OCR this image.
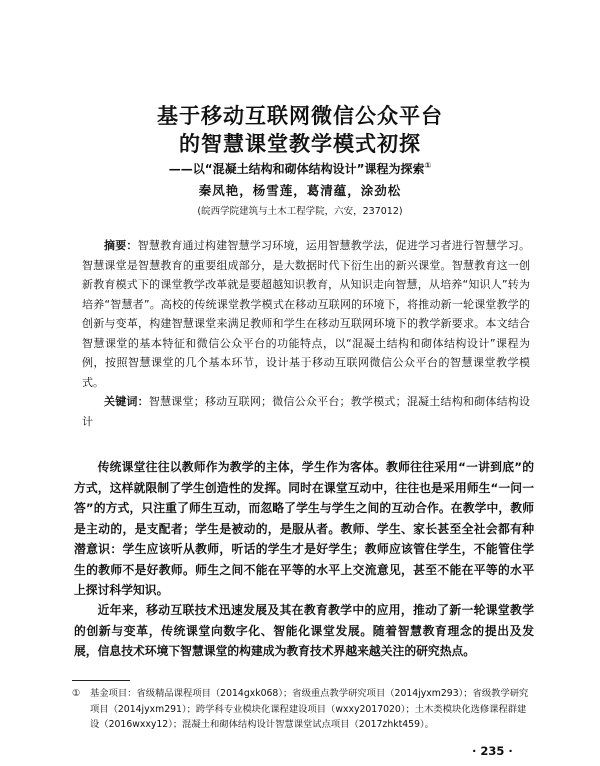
基于移动互联网微信公众平台
的智慧课堂教学模式初探
——以“混凝土结构和砌体结构设计”课程为探索①
秦凤艳，杨雪莲，葛清蕴，涂劲松
(皖西学院建筑与土木工程学院，六安，237012)

摘要：智慧教育通过构建智慧学习环境，运用智慧教学法，促进学习者进行智慧学习。智慧课堂是智慧教育的重要组成部分，是大数据时代下衍生出的新兴课堂。智慧教育这一创新教育模式下的课堂教学改革就是要超越知识教育，从知识走向智慧，从培养“知识人”转为培养“智慧者”。高校的传统课堂教学模式在移动互联网的环境下，将推动新一轮课堂教学的创新与变革，构建智慧课堂来满足教师和学生在移动互联网环境下的教学新要求。本文结合智慧课堂的基本特征和微信公众平台的功能特点，以“混凝土结构和砌体结构设计”课程为例，按照智慧课堂的几个基本环节，设计基于移动互联网微信公众平台的智慧课堂教学模式。

关键词：智慧课堂；移动互联网；微信公众平台；教学模式；混凝土结构和砌体结构设计

传统课堂往往以教师作为教学的主体，学生作为客体。教师往往采用“一讲到底”的方式，这样就限制了学生创造性的发挥。同时在课堂互动中，往往也是采用师生“一问一答”的方式，只注重了师生互动，而忽略了学生与学生之间的互动合作。在教学中，教师是主动的，是支配者；学生是被动的，是服从者。教师、学生、家长甚至全社会都有种潜意识：学生应该听从教师，听话的学生才是好学生；教师应该管住学生，不能管住学生的教师不是好教师。师生之间不能在平等的水平上交流意见，甚至不能在平等的水平上探讨科学知识。

近年来，移动互联技术迅速发展及其在教育教学中的应用，推动了新一轮课堂教学的创新与变革，传统课堂向数字化、智能化课堂发展。随着智慧教育理念的提出及发展，信息技术环境下智慧课堂的构建成为教育技术界越来越关注的研究热点。

① 基金项目：省级精品课程项目（2014gxk068）；省级重点教学研究项目（2014jyxm293）；省级教学研究项目（2014jyxm291）；跨学科专业模块化课程建设项目（wxxy2017020）；土木类模块化选修课程群建设（2016wxxy12）；混凝土和砌体结构设计智慧课堂试点项目（2017zhkt459）。

· 235 ·
